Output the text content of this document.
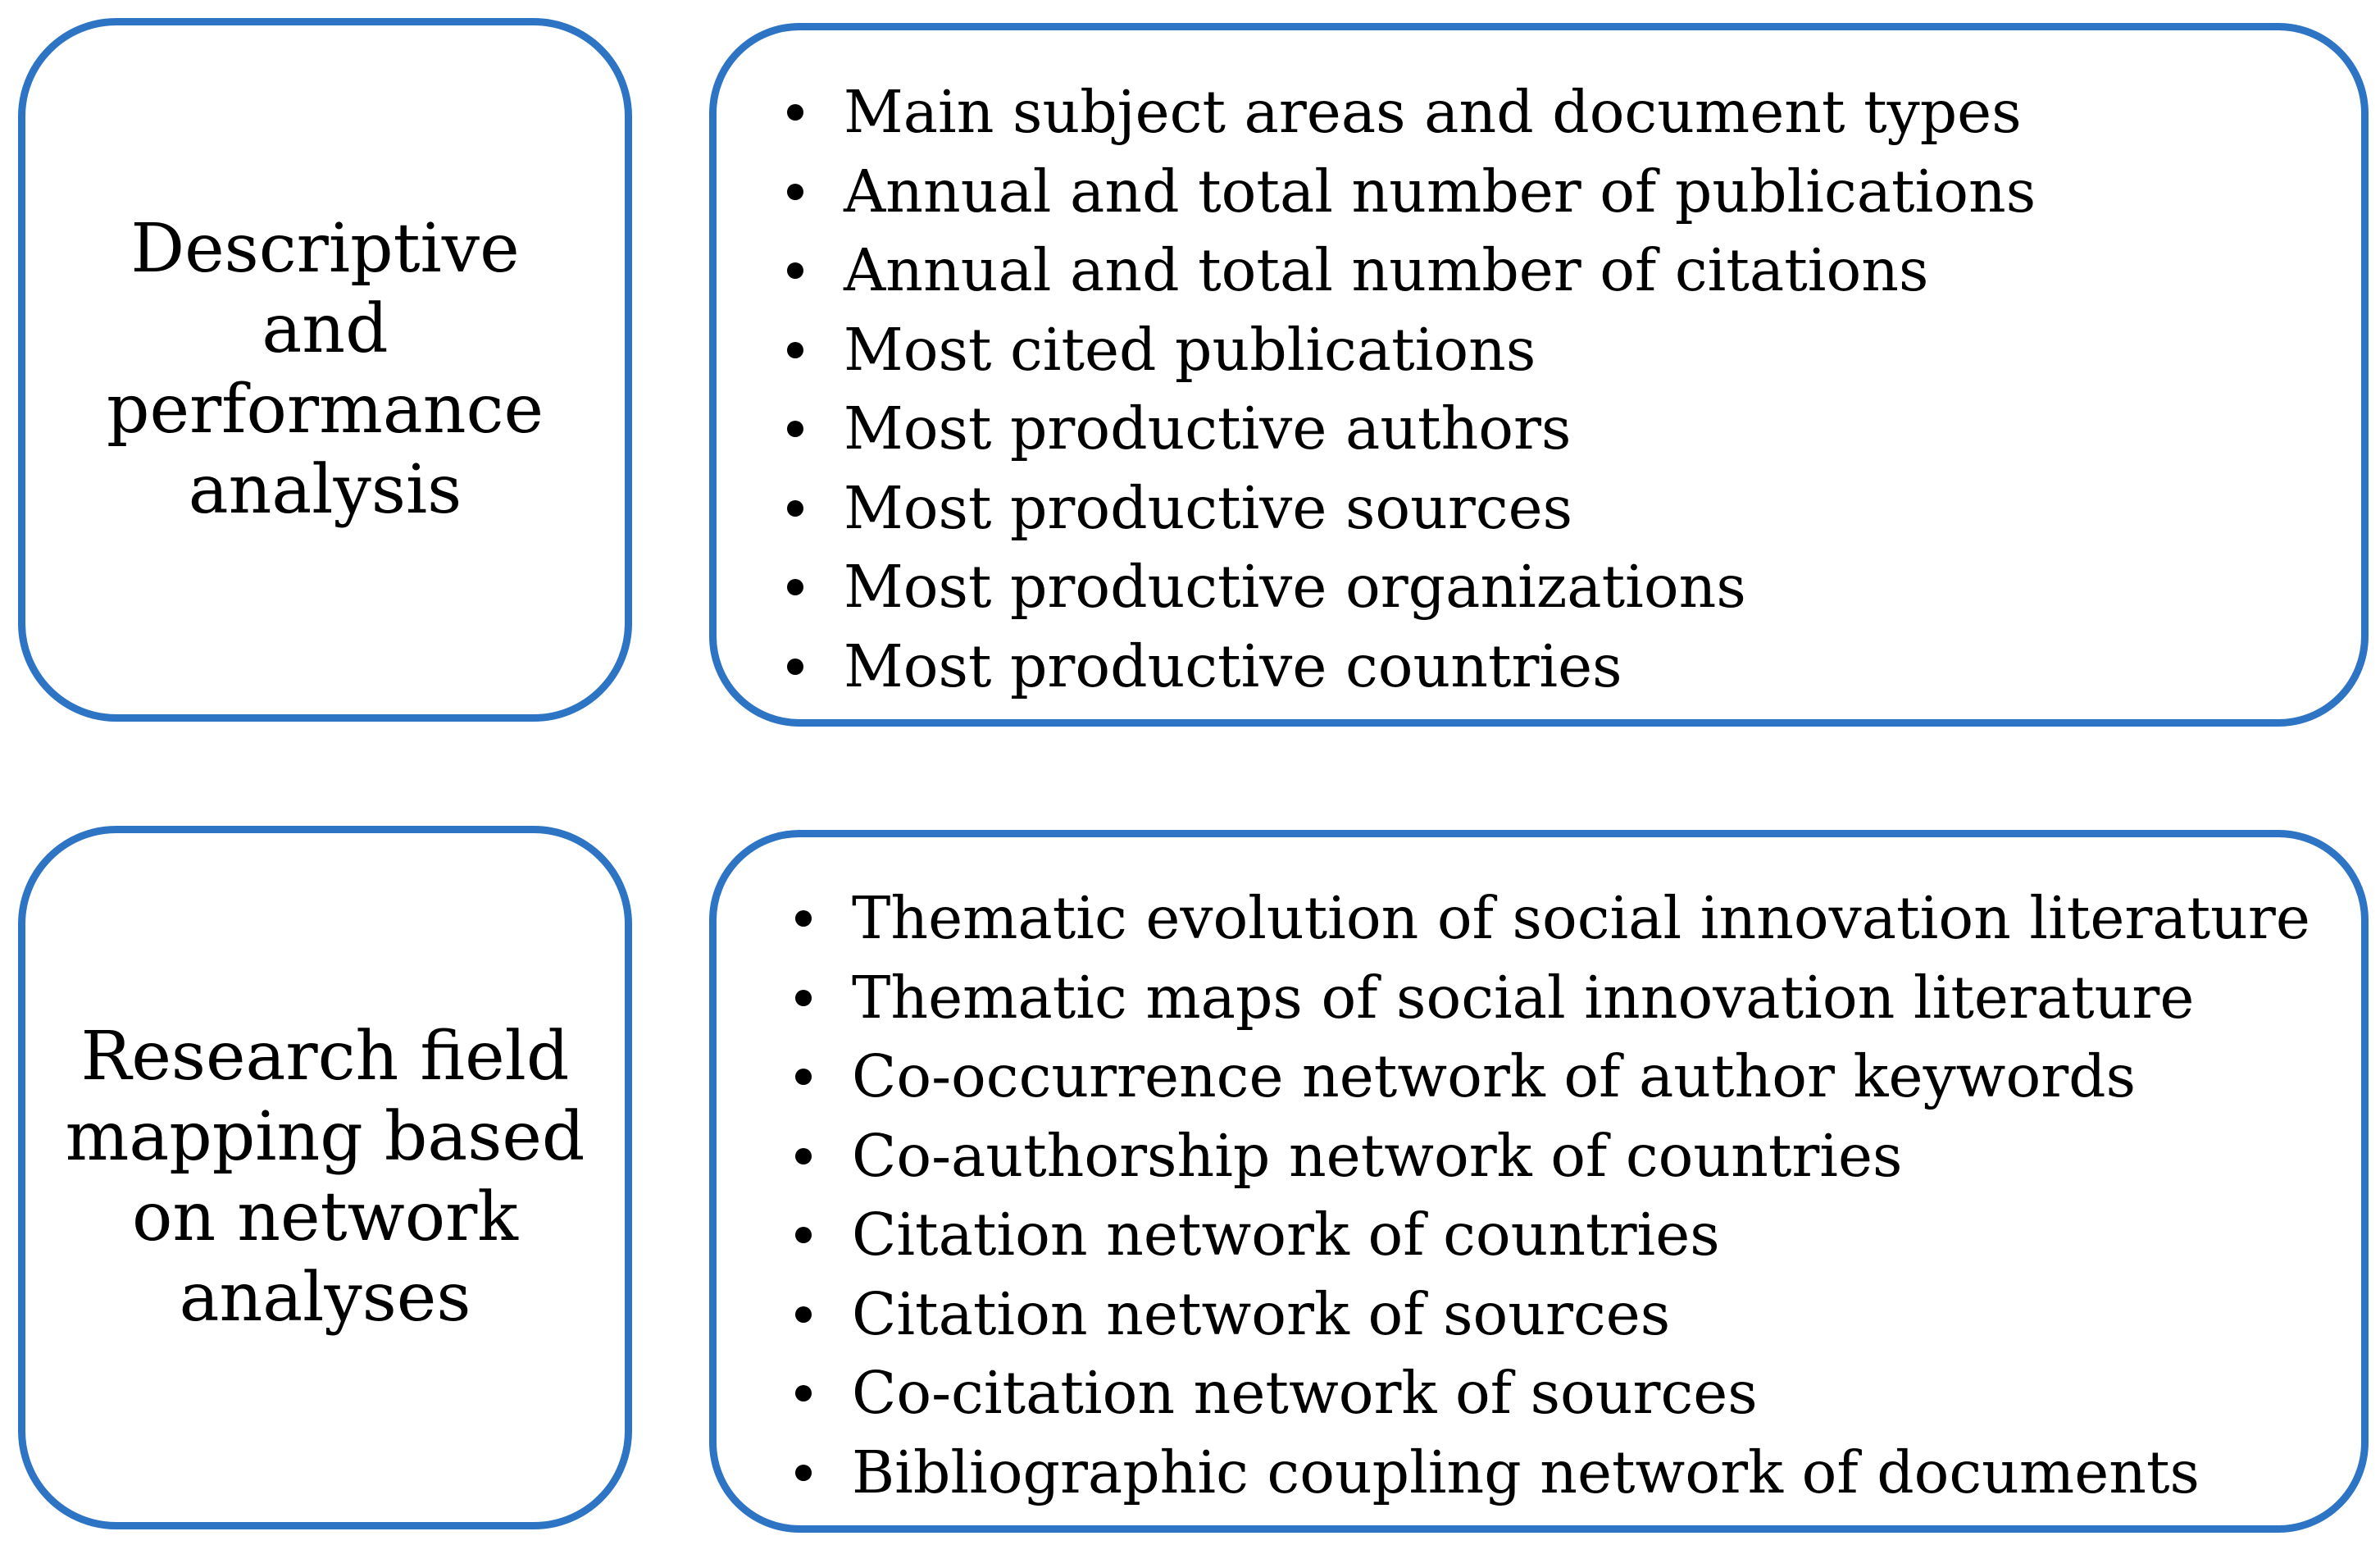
Descriptive
and
performance
analysis

Main subject areas and document types
Annual and total number of publications
Annual and total number of citations
Most cited publications
Most productive authors
Most productive sources
Most productive organizations
Most productive countries

Research field
mapping based
on network
analyses

Thematic evolution of social innovation literature
Thematic maps of social innovation literature
Co-occurrence network of author keywords
Co-authorship network of countries
Citation network of countries
Citation network of sources
Co-citation network of sources
Bibliographic coupling network of documents
